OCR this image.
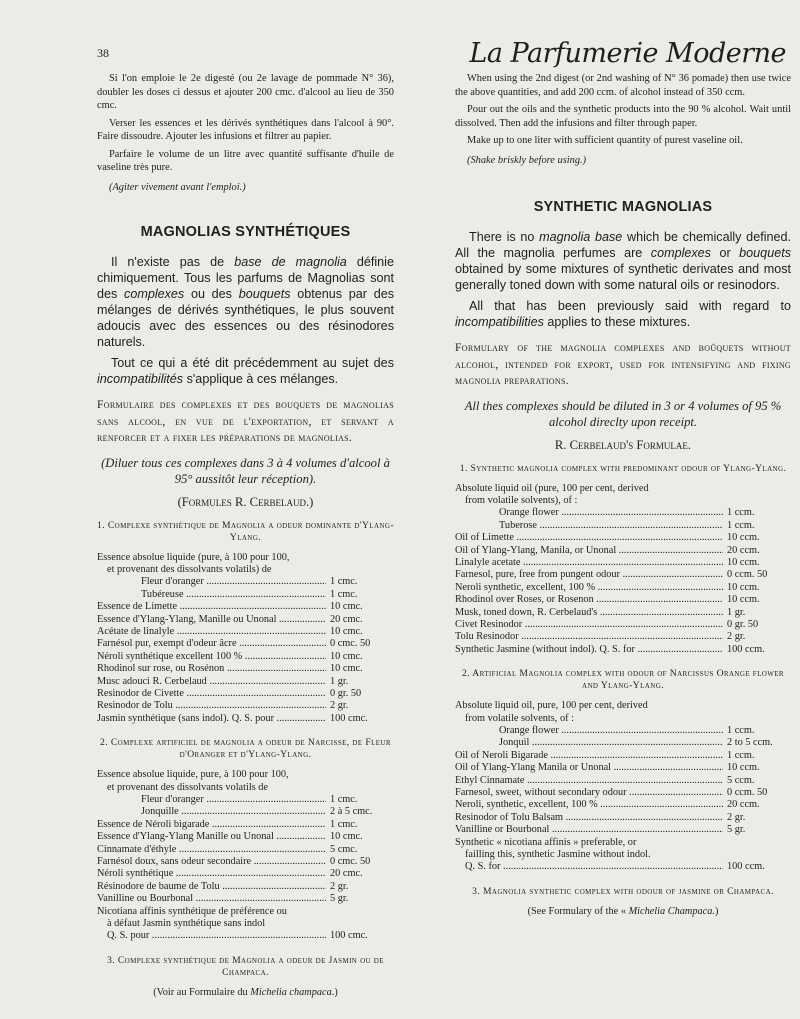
38	La Parfumerie Moderne

Si l'on emploie le 2e digesté (ou 2e lavage de pommade N° 36), doubler les doses ci dessus et ajouter 200 cmc. d'alcool au lieu de 350 cmc.

Verser les essences et les dérivés synthétiques dans l'alcool à 90°. Faire dissoudre. Ajouter les infusions et filtrer au papier.

Parfaire le volume de un litre avec quantité suffisante d'huile de vaseline très pure.

(Agiter vivement avant l'emploi.)

MAGNOLIAS SYNTHÉTIQUES

Il n'existe pas de base de magnolia définie chimiquement. Tous les parfums de Magnolias sont des complexes ou des bouquets obtenus par des mélanges de dérivés synthétiques, le plus souvent adoucis avec des essences ou des résinodores naturels.

Tout ce qui a été dit précédemment au sujet des incompatibilités s'applique à ces mélanges.

Formulaire des complexes et des bouquets de magnolias sans alcool, en vue de l'exportation, et servant a renforcer et a fixer les préparations de magnolias.

(Diluer tous ces complexes dans 3 à 4 volumes d'alcool à 95° aussitôt leur réception).

(Formules R. Cerbelaud.)

1. Complexe synthétique de Magnolia a odeur dominante d'Ylang-Ylang.

Essence absolue liquide (pure, à 100 pour 100,

et provenant des dissolvants volatils) de

Fleur d'oranger .....	1 cmc.
Tubéreuse .....	1 cmc.
Essence de Limette .....	10 cmc.
Essence d'Ylang-Ylang, Manille ou Unonal .....	20 cmc.
Acétate de linalyle .....	10 cmc.
Farnésol pur, exempt d'odeur âcre .....	0 cmc. 50
Néroli synthétique excellent 100 % .....	10 cmc.
Rhodinol sur rose, ou Rosénon .....	10 cmc.
Musc adouci R. Cerbelaud .....	1 gr.
Resinodor de Civette .....	0 gr. 50
Resinodor de Tolu .....	2 gr.
Jasmin synthétique (sans indol). Q. S. pour .....	100 cmc.

2. Complexe artificiel de magnolia a odeur de Narcisse, de Fleur d'Oranger et d'Ylang-Ylang.

Essence absolue liquide, pure, à 100 pour 100,

et provenant des dissolvants volatils de

Fleur d'oranger .....	1 cmc.
Jonquille .....	2 à 5 cmc.
Essence de Néroli bigarade .....	1 cmc.
Essence d'Ylang-Ylang Manille ou Unonal .....	10 cmc.
Cinnamate d'éthyle .....	5 cmc.
Farnésol doux, sans odeur secondaire .....	0 cmc. 50
Néroli synthétique .....	20 cmc.
Résinodore de baume de Tolu .....	2 gr.
Vanilline ou Bourbonal .....	5 gr.

Nicotiana affinis synthétique de préférence ou

à défaut Jasmin synthétique sans indol

Q. S. pour .....	100 cmc.

3. Complexe synthétique de Magnolia a odeur de Jasmin ou de Champaca.

(Voir au Formulaire du Michelia champaca.)

When using the 2nd digest (or 2nd washing of N° 36 pomade) then use twice the above quantities, and add 200 ccm. of alcohol instead of 350 ccm.

Pour out the oils and the synthetic products into the 90 % alcohol. Wait until dissolved. Then add the infusions and filter through paper.

Make up to one liter with sufficient quantity of purest vaseline oil.

(Shake briskly before using.)

SYNTHETIC MAGNOLIAS

There is no magnolia base which be chemically defined. All the magnolia perfumes are complexes or bouquets obtained by some mixtures of synthetic derivates and most generally toned down with some natural oils or resinodors.

All that has been previously said with regard to incompatibilities applies to these mixtures.

Formulary of the magnolia complexes and boûquets without alcohol, intended for export, used for intensifying and fixing magnolia preparations.

All thes complexes should be diluted in 3 or 4 volumes of 95 % alcohol direclty upon receipt.

R. Cerbelaud's Formulae.

1. Synthetic magnolia complex with predominant odour of Ylang-Ylang.

Absolute liquid oil (pure, 100 per cent, derived

from volatile solvents), of :

Orange flower .....	1 ccm.
Tuberose .....	1 ccm.
Oil of Limette .....	10 ccm.
Oil of Ylang-Ylang, Manila, or Unonal .....	20 ccm.
Linalyle acetate .....	10 ccm.
Farnesol, pure, free from pungent odour .....	0 ccm. 50
Neroli synthetic, excellent, 100 % .....	10 ccm.
Rhodinol over Roses, or Rosenon .....	10 ccm.
Musk, toned down, R. Cerbelaud's .....	1 gr.
Civet Resinodor .....	0 gr. 50
Tolu Resinodor .....	2 gr.
Synthetic Jasmine (without indol). Q. S. for .....	100 ccm.

2. Artificial Magnolia complex with odour of Narcissus Orange flower and Ylang-Ylang.

Absolute liquid oil, pure, 100 per cent, derived

from volatile solvents, of :

Orange flower .....	1 ccm.
Jonquil .....	2 to 5 ccm.
Oil of Neroli Bigarade .....	1 ccm.
Oil of Ylang-Ylang Manila or Unonal .....	10 ccm.
Ethyl Cinnamate .....	5 ccm.
Farnesol, sweet, without secondary odour .....	0 ccm. 50
Neroli, synthetic, excellent, 100 % .....	20 ccm.
Resinodor of Tolu Balsam .....	2 gr.
Vanilline or Bourbonal .....	5 gr.

Synthetic « nicotiana affinis » preferable, or

failling this, synthetic Jasmine without indol.

Q. S. for .....	100 ccm.

3. Magnolia synthetic complex with odour of jasmine or Champaca.

(See Formulary of the « Michelia Champaca.)
